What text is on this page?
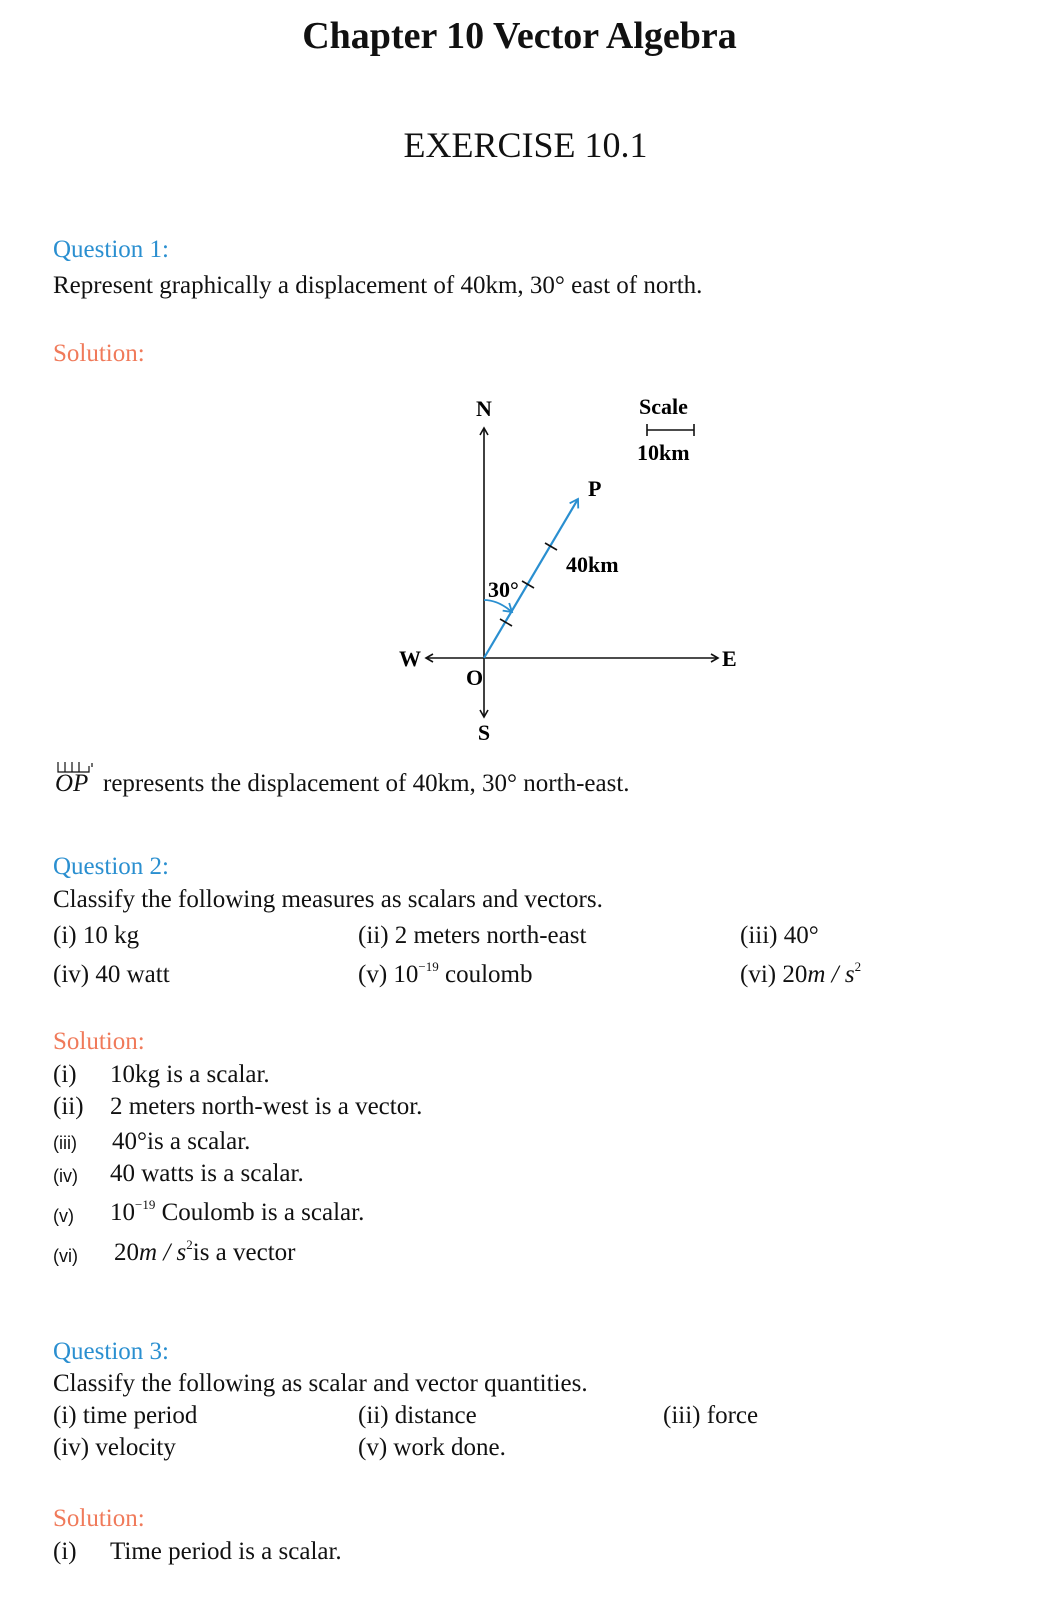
Chapter 10 Vector Algebra
EXERCISE 10.1
Question 1:
Represent graphically a displacement of 40km, 30° east of north.
Solution:
N
S
E
W
O
P
30°
40km
Scale
10km
OP represents the displacement of 40km, 30° north-east.
Question 2:
Classify the following measures as scalars and vectors.
(i) 10 kg	(ii) 2 meters north-east	(iii) 40°
(iv) 40 watt	(v) $10^{-19}$ coulomb	(vi) $20m / s^2$
Solution:
(i) 10kg is a scalar.
(ii) 2 meters north-west is a vector.
(iii) 40°is a scalar.
(iv) 40 watts is a scalar.
(v) $10^{-19}$ Coulomb is a scalar.
(vi) $20m / s^2is$ a vector
Question 3:
Classify the following as scalar and vector quantities.
(i) time period	(ii) distance	(iii) force
(iv) velocity	(v) work done.
Solution:
(i) Time period is a scalar.
